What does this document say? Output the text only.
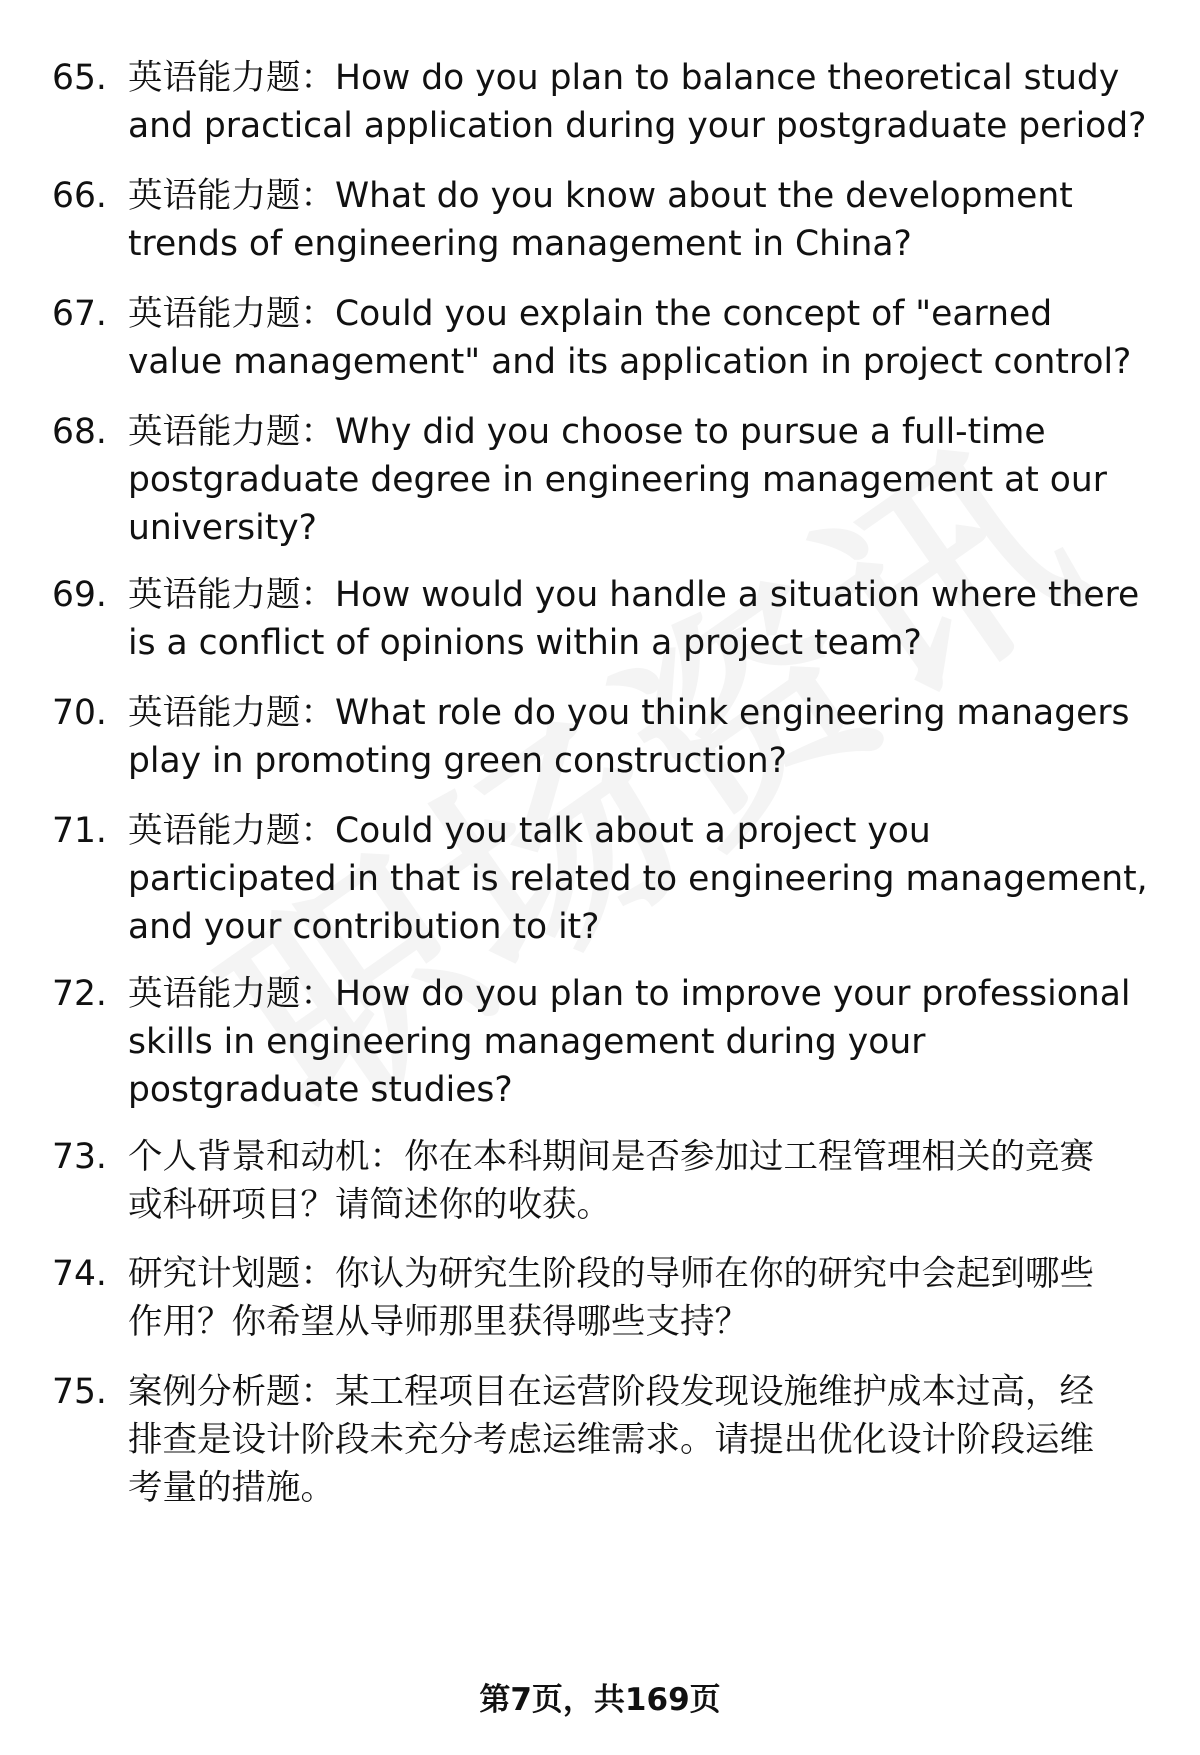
65. 英语能力题：How do you plan to balance theoretical study
and practical application during your postgraduate period?
66. 英语能力题：What do you know about the development
trends of engineering management in China?
67. 英语能力题：Could you explain the concept of "earned
value management" and its application in project control?
68. 英语能力题：Why did you choose to pursue a full-time
postgraduate degree in engineering management at our
university?
69. 英语能力题：How would you handle a situation where there
is a conflict of opinions within a project team?
70. 英语能力题：What role do you think engineering managers
play in promoting green construction?
71. 英语能力题：Could you talk about a project you
participated in that is related to engineering management,
and your contribution to it?
72. 英语能力题：How do you plan to improve your professional
skills in engineering management during your
postgraduate studies?
73. 个人背景和动机：你在本科期间是否参加过工程管理相关的竞赛
或科研项目？请简述你的收获。
74. 研究计划题：你认为研究生阶段的导师在你的研究中会起到哪些
作用？你希望从导师那里获得哪些支持？
75. 案例分析题：某工程项目在运营阶段发现设施维护成本过高，经
排查是设计阶段未充分考虑运维需求。请提出优化设计阶段运维
考量的措施。
第7页，共169页
